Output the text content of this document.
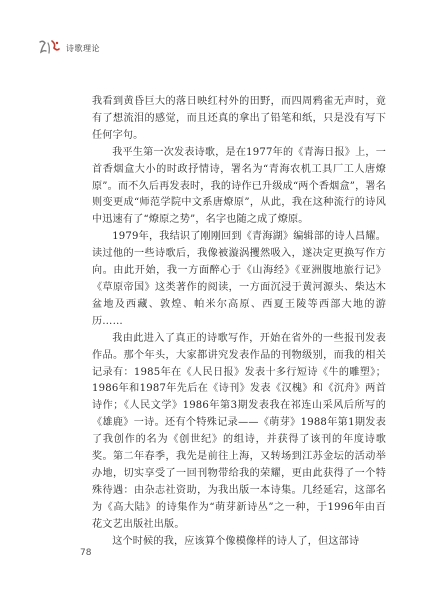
诗歌理论

我看到黄昏巨大的落日映红村外的田野，而四周鸦雀无声时，竟有了想流泪的感觉，而且还真的拿出了铅笔和纸，只是没有写下任何字句。

我平生第一次发表诗歌，是在1977年的《青海日报》上，一首香烟盒大小的时政抒情诗，署名为“青海农机工具厂工人唐燎原”。而不久后再发表时，我的诗作已升级成“两个香烟盒”，署名则变更成“师范学院中文系唐燎原”，从此，我在这种流行的诗风中迅速有了“燎原之势”，名字也随之成了燎原。

1979年，我结识了刚刚回到《青海湖》编辑部的诗人昌耀。读过他的一些诗歌后，我像被漩涡攫然吸入，遂决定更换写作方向。由此开始，我一方面醉心于《山海经》《亚洲腹地旅行记》《草原帝国》这类著作的阅读，一方面沉浸于黄河源头、柴达木盆地及西藏、敦煌、帕米尔高原、西夏王陵等西部大地的游历……

我由此进入了真正的诗歌写作，开始在省外的一些报刊发表作品。那个年头，大家都讲究发表作品的刊物级别，而我的相关记录有：1985年在《人民日报》发表十多行短诗《牛的雕塑》；1986年和1987年先后在《诗刊》发表《汉槐》和《沉舟》两首诗作；《人民文学》1986年第3期发表我在祁连山采风后所写的《雄鹿》一诗。还有个特殊记录——《萌芽》1988年第1期发表了我创作的名为《创世纪》的组诗，并获得了该刊的年度诗歌奖。第二年春季，我先是前往上海，又转场到江苏金坛的活动举办地，切实享受了一回刊物带给我的荣耀，更由此获得了一个特殊待遇：由杂志社资助，为我出版一本诗集。几经延宕，这部名为《高大陆》的诗集作为“萌芽新诗丛”之一种，于1996年由百花文艺出版社出版。

这个时候的我，应该算个像模像样的诗人了，但这部诗

78
